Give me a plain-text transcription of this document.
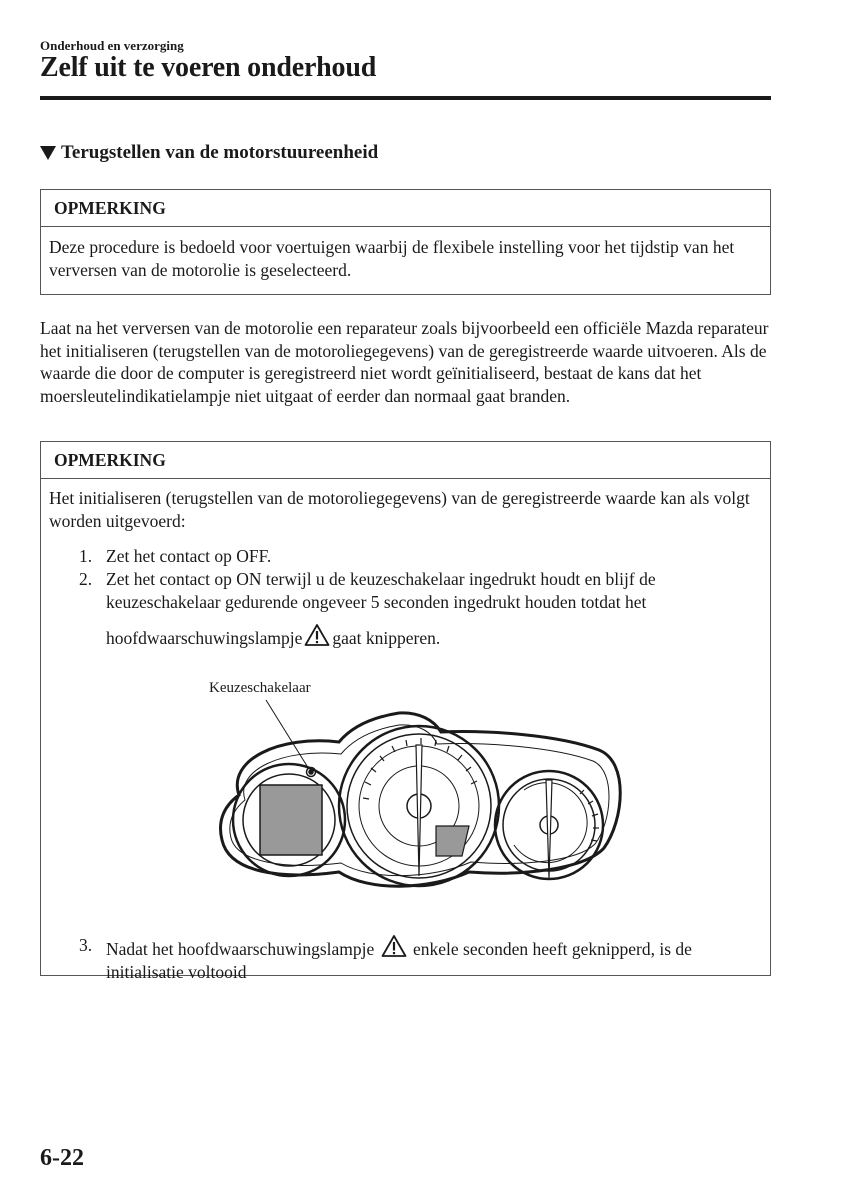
Onderhoud en verzorging
Zelf uit te voeren onderhoud
Terugstellen van de motorstuureenheid
OPMERKING
Deze procedure is bedoeld voor voertuigen waarbij de flexibele instelling voor het tijdstip van het verversen van de motorolie is geselecteerd.
Laat na het verversen van de motorolie een reparateur zoals bijvoorbeeld een officiële Mazda reparateur het initialiseren (terugstellen van de motoroliegegevens) van de geregistreerde waarde uitvoeren. Als de waarde die door de computer is geregistreerd niet wordt geïnitialiseerd, bestaat de kans dat het moersleutelindikatielampje niet uitgaat of eerder dan normaal gaat branden.
OPMERKING
Het initialiseren (terugstellen van de motoroliegegevens) van de geregistreerde waarde kan als volgt worden uitgevoerd:
1. Zet het contact op OFF.
2. Zet het contact op ON terwijl u de keuzeschakelaar ingedrukt houdt en blijf de keuzeschakelaar gedurende ongeveer 5 seconden ingedrukt houden totdat het
hoofdwaarschuwingslampje gaat knipperen.
Keuzeschakelaar
3. Nadat het hoofdwaarschuwingslampje enkele seconden heeft geknipperd, is de initialisatie voltooid
6-22
